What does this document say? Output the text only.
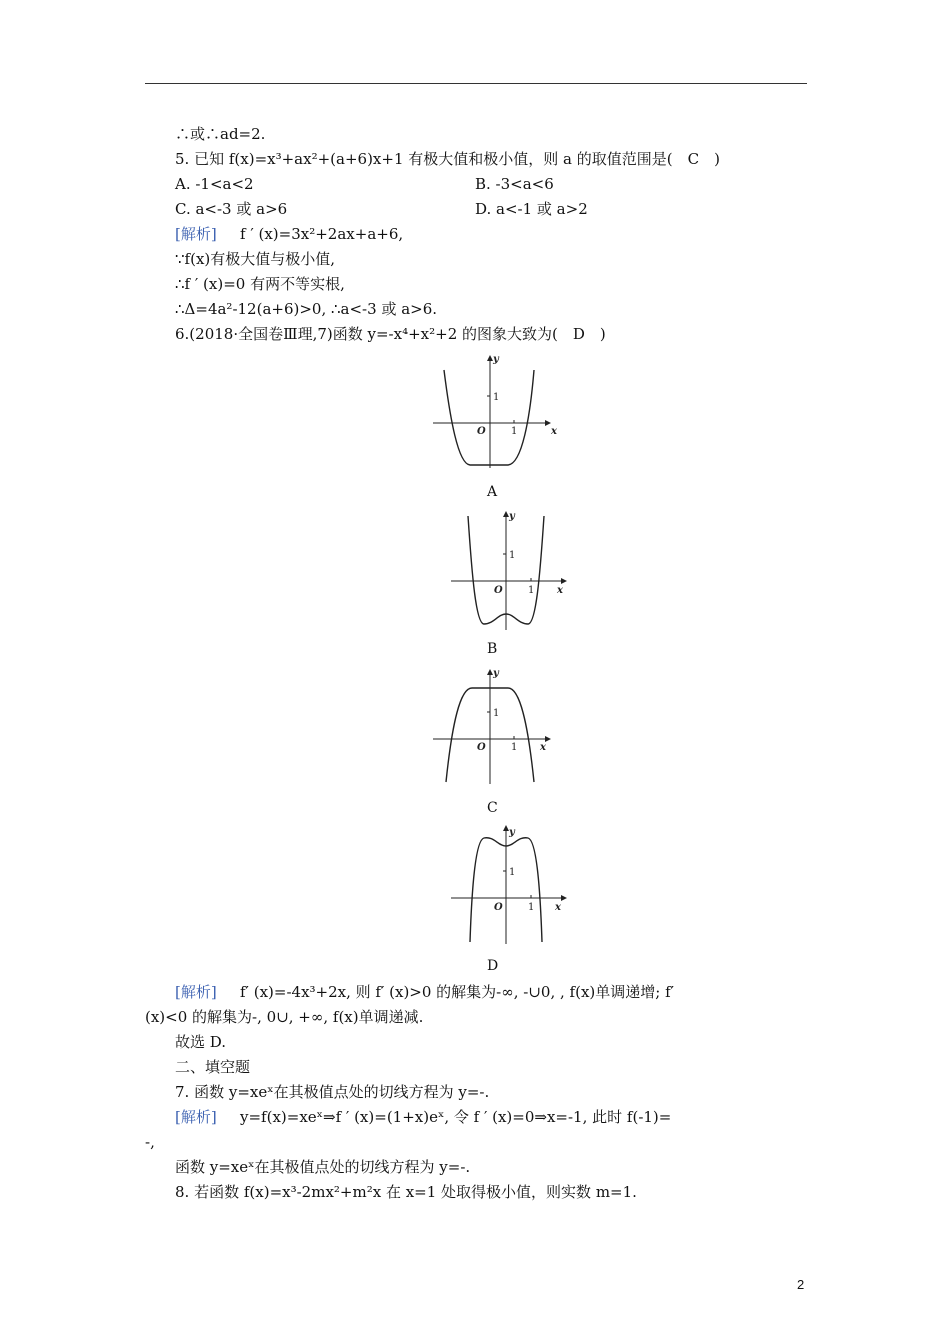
∴或∴ad=2.
5. 已知 f(x)=x³+ax²+(a+6)x+1 有极大值和极小值，则 a 的取值范围是(　C　)
A. -1<a<2	B. -3<a<6
C. a<-3 或 a>6	D. a<-1 或 a>2
[解析] f ′ (x)=3x²+2ax+a+6,
∵f(x)有极大值与极小值,
∴f ′ (x)=0 有两不等实根,
∴Δ=4a²-12(a+6)>0, ∴a<-3 或 a>6.
6.(2018·全国卷Ⅲ理,7)函数 y=-x⁴+x²+2 的图象大致为(　D　)
x
y
O	1
1
A
x
y
O	1
1
B
x
y
O	1
1
C
x
y
O	1
1
D
[解析] f′ (x)=-4x³+2x, 则 f′ (x)>0 的解集为-∞, -∪0, , f(x)单调递增; f′
(x)<0 的解集为-, 0∪, +∞, f(x)单调递减.
故选 D.
二、填空题
7. 函数 y=xeˣ在其极值点处的切线方程为 y=-.
[解析] y=f(x)=xeˣ⇒f ′ (x)=(1+x)eˣ, 令 f ′ (x)=0⇒x=-1, 此时 f(-1)=
-,
函数 y=xeˣ在其极值点处的切线方程为 y=-.
8. 若函数 f(x)=x³-2mx²+m²x 在 x=1 处取得极小值，则实数 m=1.
2
